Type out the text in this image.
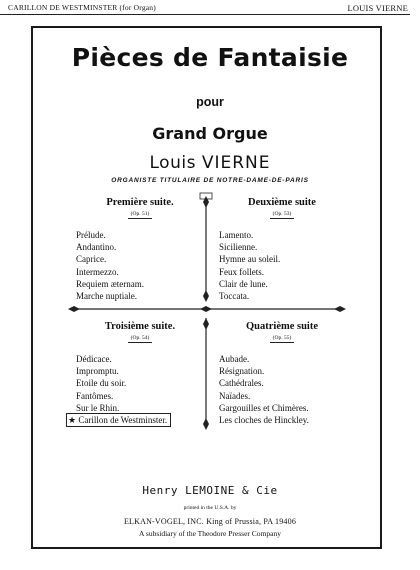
CARILLON DE WESTMINSTER (for Organ)	LOUIS VIERNE
Pièces de Fantaisie
pour
Grand Orgue
Louis VIERNE
ORGANISTE TITULAIRE DE NOTRE-DAME-DE-PARIS
Première suite.
(Op. 51)
Prélude.
Andantino.
Caprice.
Intermezzo.
Requiem æternam.
Marche nuptiale.
Deuxième suite
(Op. 53)
Lamento.
Sicilienne.
Hymne au soleil.
Feux follets.
Clair de lune.
Toccata.
Troisième suite.
(Op. 54)
Dédicace.
Impromptu.
Etoile du soir.
Fantômes.
Sur le Rhin.
★ Carillon de Westminster.
Quatrième suite
(Op. 55)
Aubade.
Résignation.
Cathédrales.
Naïades.
Gargouilles et Chimères.
Les cloches de Hinckley.
Henry LEMOINE & Cie
printed in the U.S.A. by
ELKAN-VOGEL, INC. King of Prussia, PA 19406
A subsidiary of the Theodore Presser Company
